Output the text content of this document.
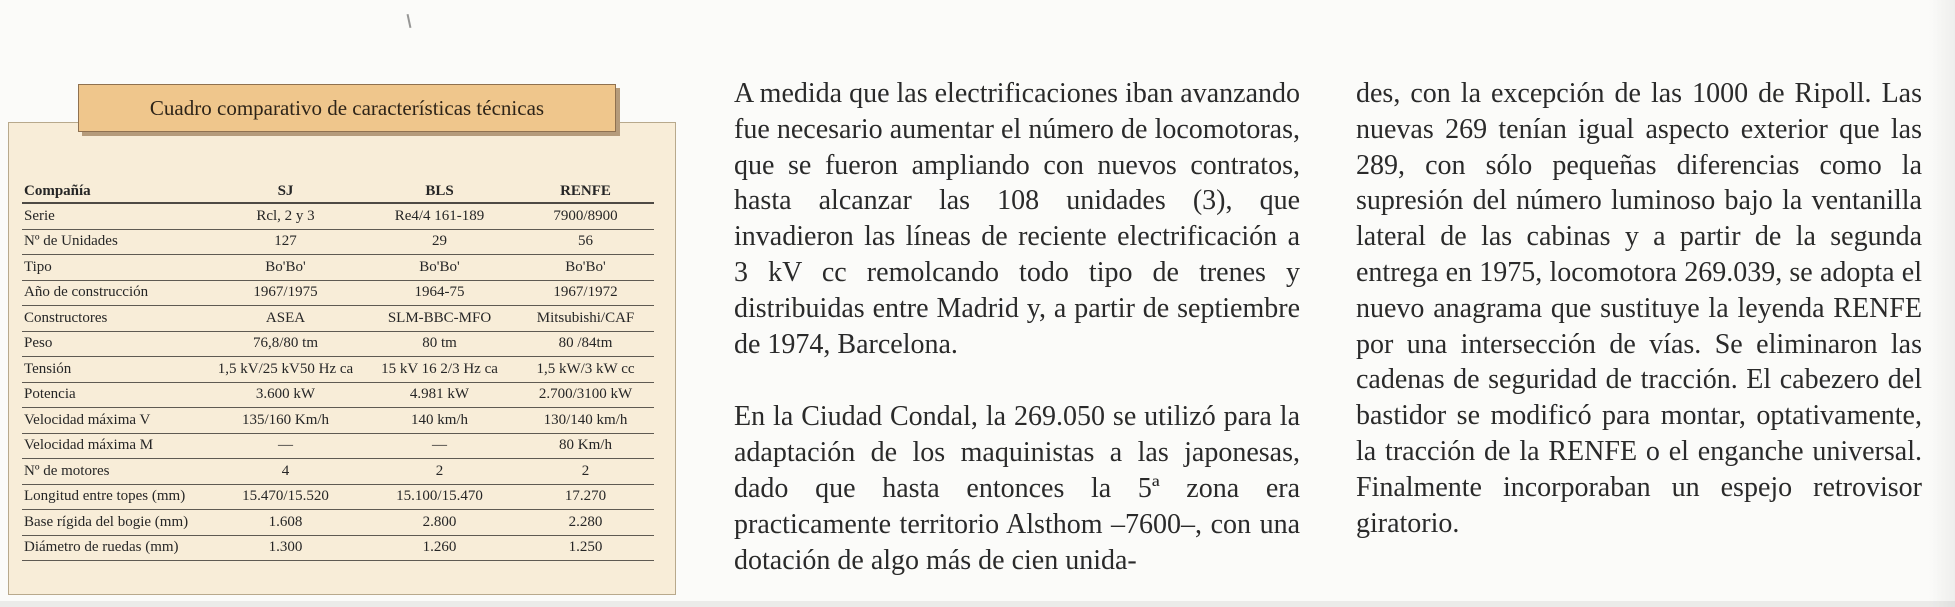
Cuadro comparativo de características técnicas
Compañía	SJ	BLS	RENFE
Serie	Rcl, 2 y 3	Re4/4 161-189	7900/8900
Nº de Unidades	127	29	56
Tipo	Bo'Bo'	Bo'Bo'	Bo'Bo'
Año de construcción	1967/1975	1964-75	1967/1972
Constructores	ASEA	SLM-BBC-MFO	Mitsubishi/CAF
Peso	76,8/80 tm	80 tm	80 /84tm
Tensión	1,5 kV/25 kV50 Hz ca	15 kV 16 2/3 Hz ca	1,5 kW/3 kW cc
Potencia	3.600 kW	4.981 kW	2.700/3100 kW
Velocidad máxima V	135/160 Km/h	140 km/h	130/140 km/h
Velocidad máxima M	—	—	80 Km/h
Nº de motores	4	2	2
Longitud entre topes (mm)	15.470/15.520	15.100/15.470	17.270
Base rígida del bogie (mm)	1.608	2.800	2.280
Diámetro de ruedas (mm)	1.300	1.260	1.250

A medida que las electrificaciones iban avanzando fue necesario aumentar el número de locomotoras, que se fueron ampliando con nuevos contratos, hasta alcanzar las 108 unidades (3), que invadieron las líneas de reciente electrificación a 3 kV cc remolcando todo tipo de trenes y distribuidas entre Madrid y, a partir de septiembre de 1974, Barcelona.

En la Ciudad Condal, la 269.050 se utilizó para la adaptación de los maquinistas a las japonesas, dado que hasta entonces la 5ª zona era practicamente territorio Alsthom –7600–, con una dotación de algo más de cien unida-

des, con la excepción de las 1000 de Ripoll. Las nuevas 269 tenían igual aspecto exterior que las 289, con sólo pequeñas diferencias como la supresión del número luminoso bajo la ventanilla lateral de las cabinas y a partir de la segunda entrega en 1975, locomotora 269.039, se adopta el nuevo anagrama que sustituye la leyenda RENFE por una intersección de vías. Se eliminaron las cadenas de seguridad de tracción. El cabezero del bastidor se modificó para montar, optativamente, la tracción de la RENFE o el enganche universal. Finalmente incorporaban un espejo retrovisor giratorio.
